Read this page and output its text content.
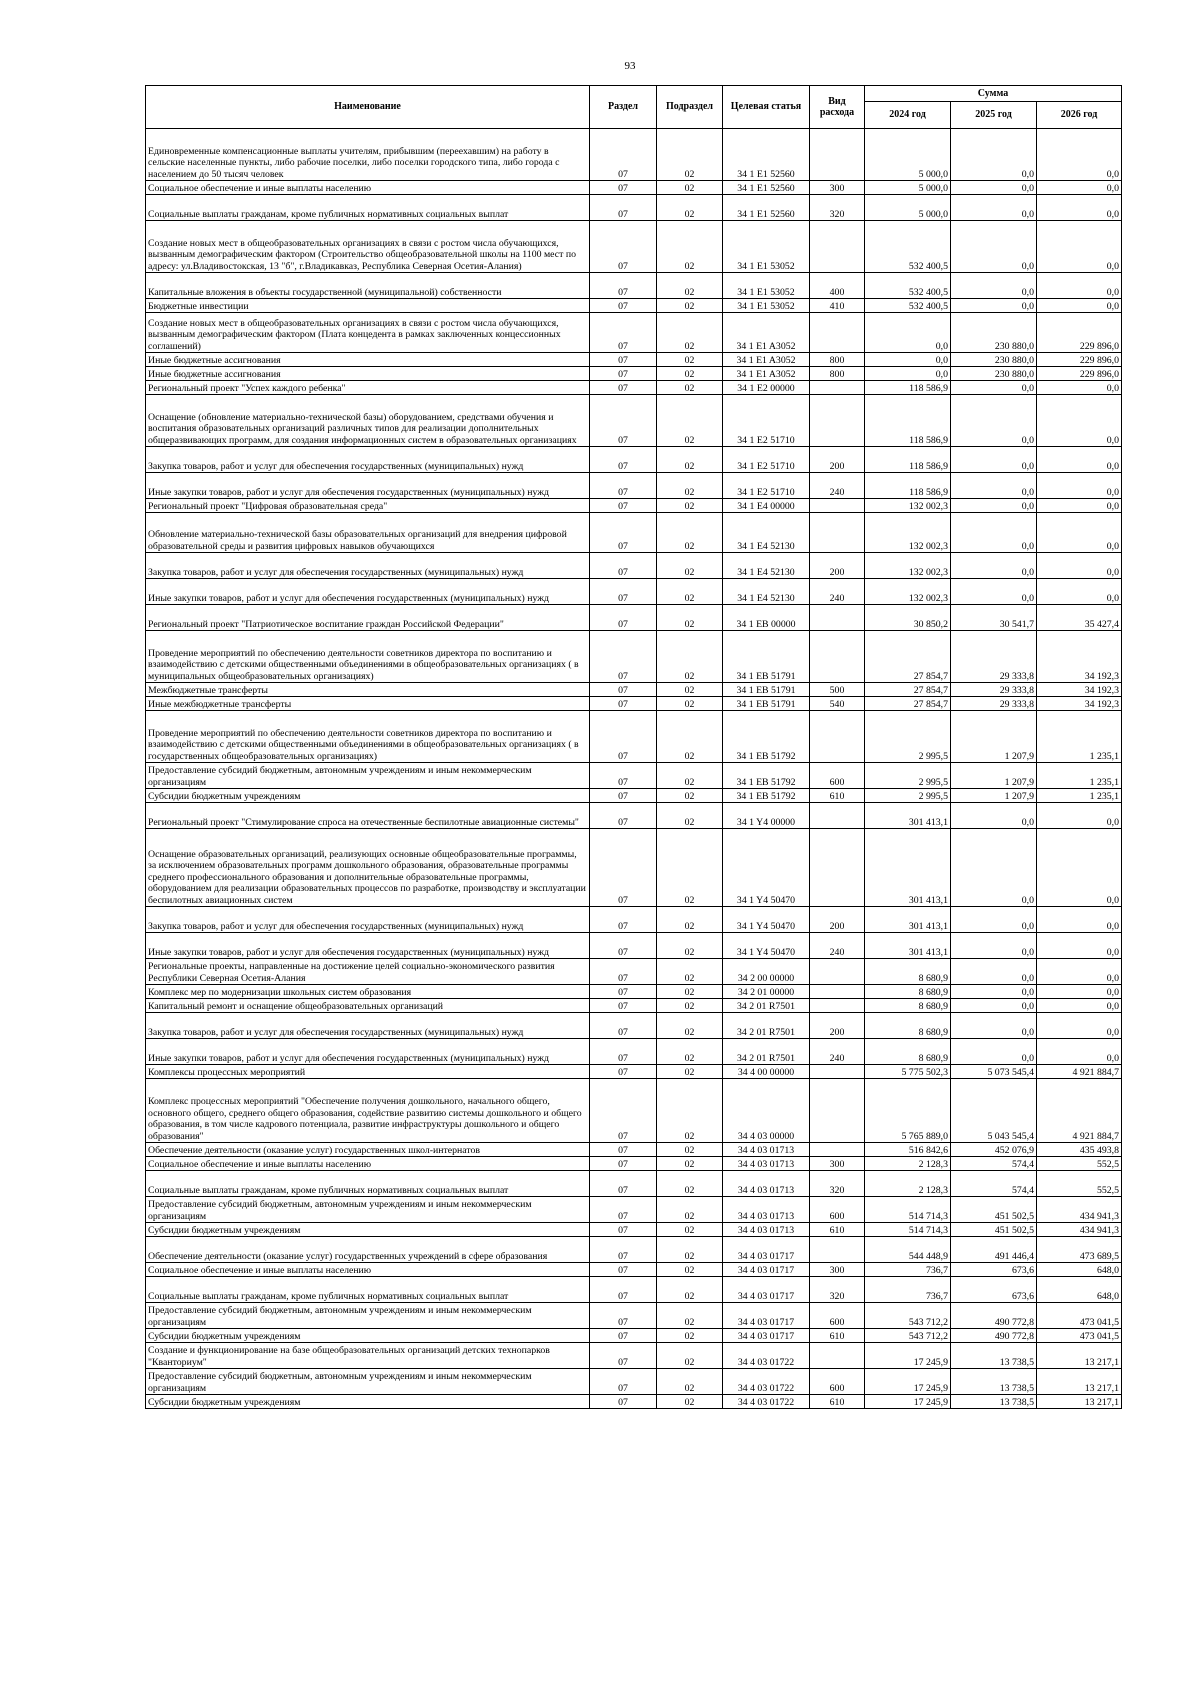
93
Наименование	Раздел	Подраздел	Целевая статья	Вид расхода	Сумма		
					2024 год	2025 год	2026 год
Единовременные компенсационные выплаты учителям, прибывшим (переехавшим) на работу в сельские населенные пункты, либо рабочие поселки, либо поселки городского типа, либо города с населением до 50 тысяч человек	07	02	34 1 E1 52560		5 000,0	0,0	0,0
Социальное обеспечение и иные выплаты населению	07	02	34 1 E1 52560	300	5 000,0	0,0	0,0
Социальные выплаты гражданам, кроме публичных нормативных социальных выплат	07	02	34 1 E1 52560	320	5 000,0	0,0	0,0
Создание новых мест в общеобразовательных организациях в связи с ростом числа обучающихся, вызванным демографическим фактором (Строительство общеобразовательной школы на 1100 мест по адресу: ул.Владивостокская, 13 "б", г.Владикавказ, Республика Северная Осетия-Алания)	07	02	34 1 E1 53052		532 400,5	0,0	0,0
Капитальные вложения в объекты государственной (муниципальной) собственности	07	02	34 1 E1 53052	400	532 400,5	0,0	0,0
Бюджетные инвестиции	07	02	34 1 E1 53052	410	532 400,5	0,0	0,0
Создание новых мест в общеобразовательных организациях в связи с ростом числа обучающихся, вызванным демографическим фактором (Плата концедента в рамках заключенных концессионных соглашений)	07	02	34 1 E1 A3052		0,0	230 880,0	229 896,0
Иные бюджетные ассигнования	07	02	34 1 E1 A3052	800	0,0	230 880,0	229 896,0
Иные бюджетные ассигнования	07	02	34 1 E1 A3052	800	0,0	230 880,0	229 896,0
Региональный проект "Успех каждого ребенка"	07	02	34 1 E2 00000		118 586,9	0,0	0,0
Оснащение (обновление материально-технической базы) оборудованием, средствами обучения и воспитания образовательных организаций различных типов для реализации дополнительных общеразвивающих программ, для создания информационных систем в образовательных организациях	07	02	34 1 E2 51710		118 586,9	0,0	0,0
Закупка товаров, работ и услуг для обеспечения государственных (муниципальных) нужд	07	02	34 1 E2 51710	200	118 586,9	0,0	0,0
Иные закупки товаров, работ и услуг для обеспечения государственных (муниципальных) нужд	07	02	34 1 E2 51710	240	118 586,9	0,0	0,0
Региональный проект "Цифровая образовательная среда"	07	02	34 1 E4 00000		132 002,3	0,0	0,0
Обновление материально-технической базы образовательных организаций для внедрения цифровой образовательной среды и развития цифровых навыков обучающихся	07	02	34 1 E4 52130		132 002,3	0,0	0,0
Закупка товаров, работ и услуг для обеспечения государственных (муниципальных) нужд	07	02	34 1 E4 52130	200	132 002,3	0,0	0,0
Иные закупки товаров, работ и услуг для обеспечения государственных (муниципальных) нужд	07	02	34 1 E4 52130	240	132 002,3	0,0	0,0
Региональный проект "Патриотическое воспитание граждан Российской Федерации"	07	02	34 1 EB 00000		30 850,2	30 541,7	35 427,4
Проведение мероприятий по обеспечению деятельности советников директора по воспитанию и взаимодействию с детскими общественными объединениями в общеобразовательных организациях ( в муниципальных общеобразовательных организациях)	07	02	34 1 EB 51791		27 854,7	29 333,8	34 192,3
Межбюджетные трансферты	07	02	34 1 EB 51791	500	27 854,7	29 333,8	34 192,3
Иные межбюджетные трансферты	07	02	34 1 EB 51791	540	27 854,7	29 333,8	34 192,3
Проведение мероприятий по обеспечению деятельности советников директора по воспитанию и взаимодействию с детскими общественными объединениями в общеобразовательных организациях ( в государственных общеобразовательных организациях)	07	02	34 1 EB 51792		2 995,5	1 207,9	1 235,1
Предоставление субсидий бюджетным, автономным учреждениям и иным некоммерческим организациям	07	02	34 1 EB 51792	600	2 995,5	1 207,9	1 235,1
Субсидии бюджетным учреждениям	07	02	34 1 EB 51792	610	2 995,5	1 207,9	1 235,1
Региональный проект "Стимулирование спроса на отечественные беспилотные авиационные системы"	07	02	34 1 Y4 00000		301 413,1	0,0	0,0
Оснащение образовательных организаций, реализующих основные общеобразовательные программы, за исключением образовательных программ дошкольного образования, образовательные программы среднего профессионального образования и дополнительные образовательные программы, оборудованием для реализации образовательных процессов по разработке, производству и эксплуатации беспилотных авиационных систем	07	02	34 1 Y4 50470		301 413,1	0,0	0,0
Закупка товаров, работ и услуг для обеспечения государственных (муниципальных) нужд	07	02	34 1 Y4 50470	200	301 413,1	0,0	0,0
Иные закупки товаров, работ и услуг для обеспечения государственных (муниципальных) нужд	07	02	34 1 Y4 50470	240	301 413,1	0,0	0,0
Региональные проекты, направленные на достижение целей социально-экономического развития Республики Северная Осетия-Алания	07	02	34 2 00 00000		8 680,9	0,0	0,0
Комплекс мер по модернизации школьных систем образования	07	02	34 2 01 00000		8 680,9	0,0	0,0
Капитальный ремонт и оснащение общеобразовательных организаций	07	02	34 2 01 R7501		8 680,9	0,0	0,0
Закупка товаров, работ и услуг для обеспечения государственных (муниципальных) нужд	07	02	34 2 01 R7501	200	8 680,9	0,0	0,0
Иные закупки товаров, работ и услуг для обеспечения государственных (муниципальных) нужд	07	02	34 2 01 R7501	240	8 680,9	0,0	0,0
Комплексы процессных мероприятий	07	02	34 4 00 00000		5 775 502,3	5 073 545,4	4 921 884,7
Комплекс процессных мероприятий "Обеспечение получения дошкольного, начального общего, основного общего, среднего общего образования, содействие развитию системы дошкольного и общего образования, в том числе кадрового потенциала, развитие инфраструктуры дошкольного и общего образования"	07	02	34 4 03 00000		5 765 889,0	5 043 545,4	4 921 884,7
Обеспечение деятельности (оказание услуг) государственных школ-интернатов	07	02	34 4 03 01713		516 842,6	452 076,9	435 493,8
Социальное обеспечение и иные выплаты населению	07	02	34 4 03 01713	300	2 128,3	574,4	552,5
Социальные выплаты гражданам, кроме публичных нормативных социальных выплат	07	02	34 4 03 01713	320	2 128,3	574,4	552,5
Предоставление субсидий бюджетным, автономным учреждениям и иным некоммерческим организациям	07	02	34 4 03 01713	600	514 714,3	451 502,5	434 941,3
Субсидии бюджетным учреждениям	07	02	34 4 03 01713	610	514 714,3	451 502,5	434 941,3
Обеспечение деятельности (оказание услуг) государственных учреждений в сфере образования	07	02	34 4 03 01717		544 448,9	491 446,4	473 689,5
Социальное обеспечение и иные выплаты населению	07	02	34 4 03 01717	300	736,7	673,6	648,0
Социальные выплаты гражданам, кроме публичных нормативных социальных выплат	07	02	34 4 03 01717	320	736,7	673,6	648,0
Предоставление субсидий бюджетным, автономным учреждениям и иным некоммерческим организациям	07	02	34 4 03 01717	600	543 712,2	490 772,8	473 041,5
Субсидии бюджетным учреждениям	07	02	34 4 03 01717	610	543 712,2	490 772,8	473 041,5
Создание и функционирование на базе общеобразовательных организаций детских технопарков "Кванториум"	07	02	34 4 03 01722		17 245,9	13 738,5	13 217,1
Предоставление субсидий бюджетным, автономным учреждениям и иным некоммерческим организациям	07	02	34 4 03 01722	600	17 245,9	13 738,5	13 217,1
Субсидии бюджетным учреждениям	07	02	34 4 03 01722	610	17 245,9	13 738,5	13 217,1
